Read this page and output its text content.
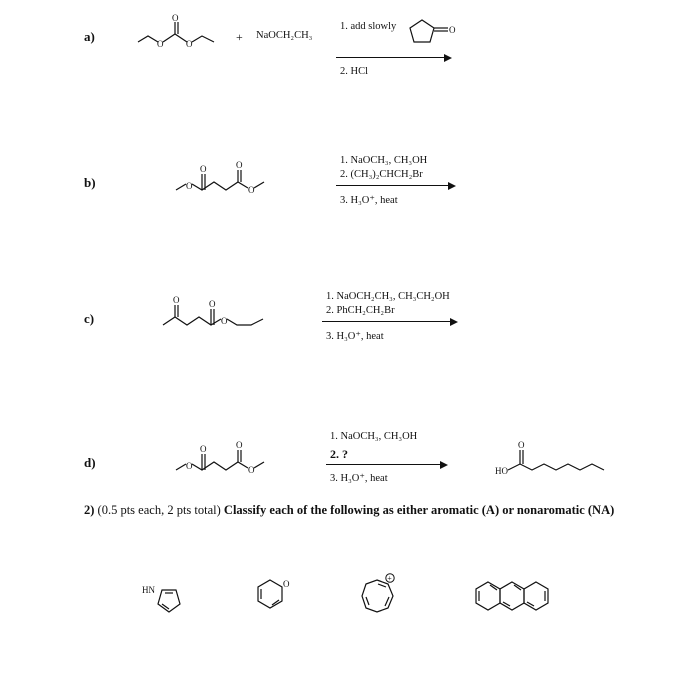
a)
O
O	O	+ NaOCH₂CH₃
1. add slowly
2. HCl
O
b)	O
O	O
O
1. NaOCH₃, CH₃OH
2. (CH₃)₂CHCH₂Br
3. H₃O⁺, heat
c)
O	O
O
1. NaOCH₂CH₃, CH₃CH₂OH
2. PhCH₂CH₂Br
3. H₃O⁺, heat
d)	O
O	O
O
1. NaOCH₃, CH₃OH
2. ?
3. H₃O⁺, heat
O
HO
2) (0.5 pts each, 2 pts total) Classify each of the following as either aromatic (A) or nonaromatic (NA)
HN
O
+
